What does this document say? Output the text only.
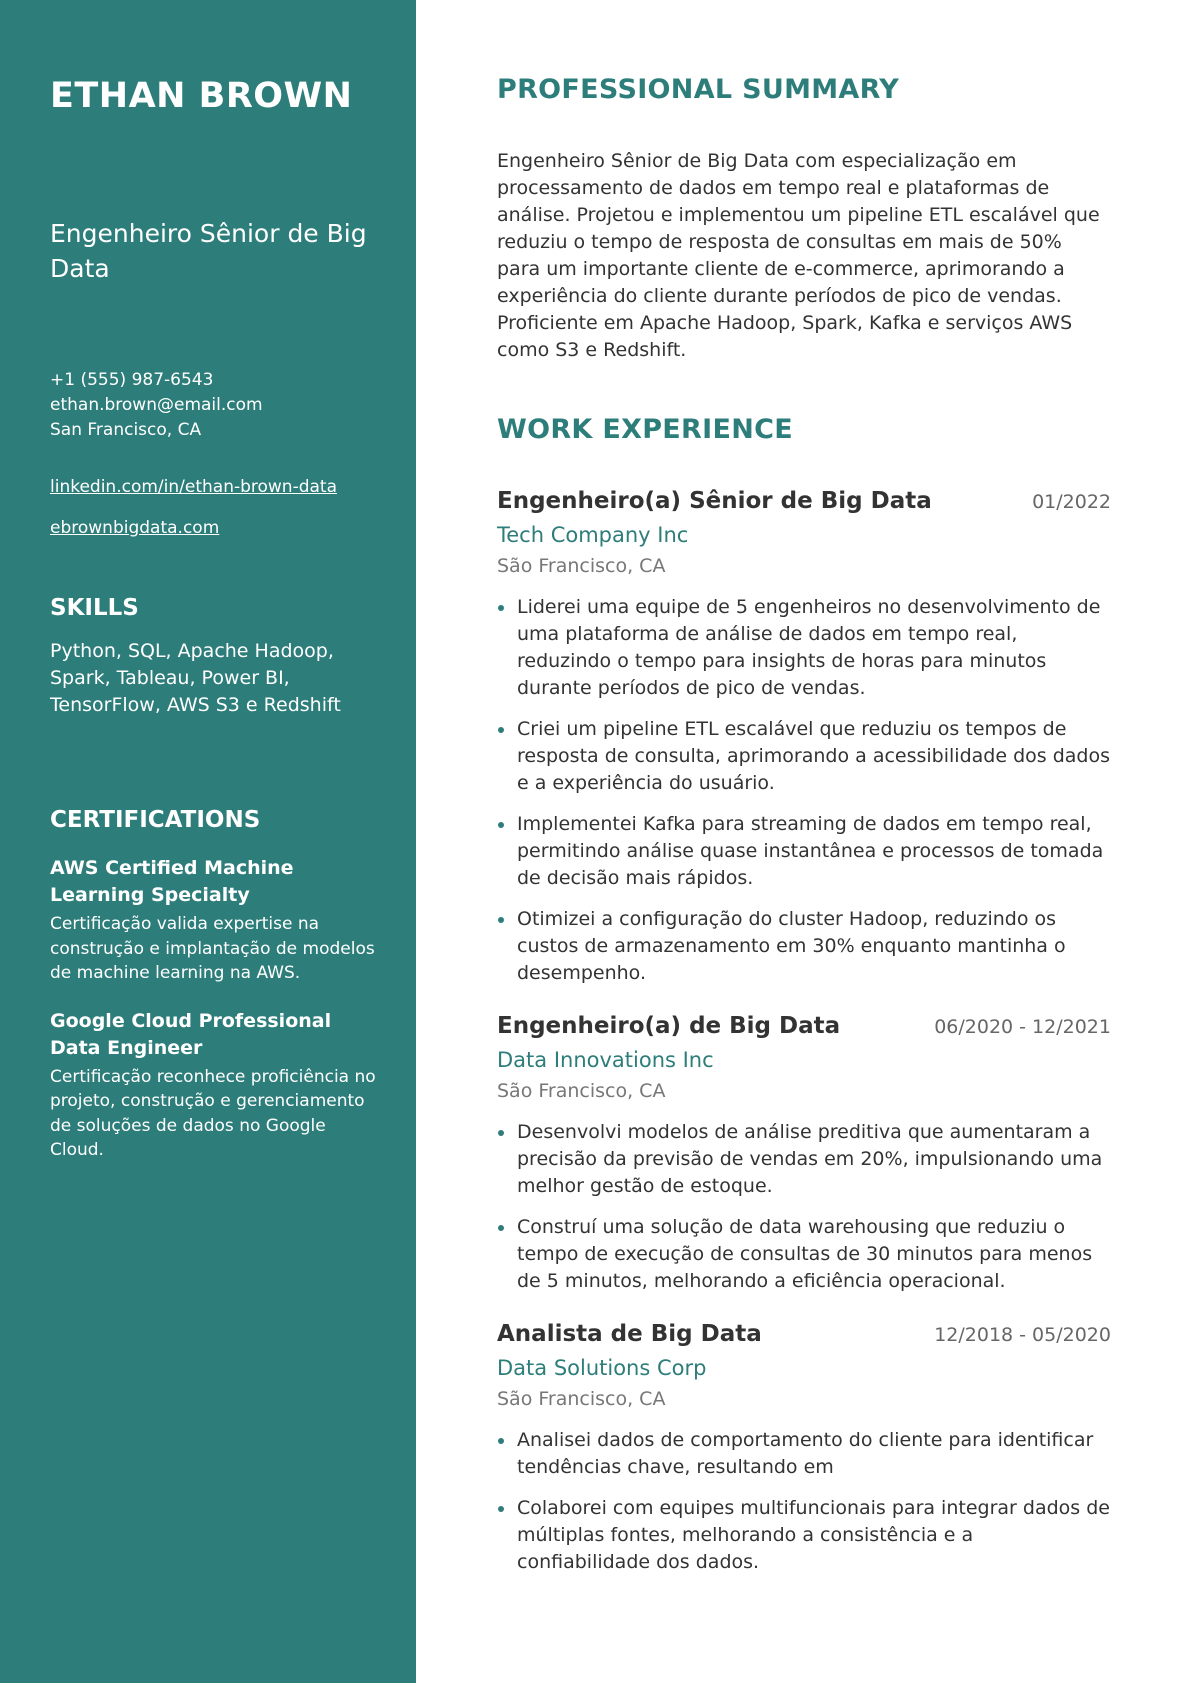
ETHAN BROWN
Engenheiro Sênior de Big Data
+1 (555) 987-6543
ethan.brown@email.com
San Francisco, CA
linkedin.com/in/ethan-brown-data
ebrownbigdata.com
SKILLS
Python, SQL, Apache Hadoop, Spark, Tableau, Power BI, TensorFlow, AWS S3 e Redshift
CERTIFICATIONS
AWS Certified Machine Learning Specialty
Certificação valida expertise na construção e implantação de modelos de machine learning na AWS.
Google Cloud Professional Data Engineer
Certificação reconhece proficiência no projeto, construção e gerenciamento de soluções de dados no Google Cloud.
PROFESSIONAL SUMMARY

Engenheiro Sênior de Big Data com especialização em processamento de dados em tempo real e plataformas de análise. Projetou e implementou um pipeline ETL escalável que reduziu o tempo de resposta de consultas em mais de 50% para um importante cliente de e-commerce, aprimorando a experiência do cliente durante períodos de pico de vendas. Proficiente em Apache Hadoop, Spark, Kafka e serviços AWS como S3 e Redshift.

WORK EXPERIENCE
Engenheiro(a) Sênior de Big Data	01/2022
Tech Company Inc
São Francisco, CA
Liderei uma equipe de 5 engenheiros no desenvolvimento de uma plataforma de análise de dados em tempo real, reduzindo o tempo para insights de horas para minutos durante períodos de pico de vendas.
Criei um pipeline ETL escalável que reduziu os tempos de resposta de consulta, aprimorando a acessibilidade dos dados e a experiência do usuário.
Implementei Kafka para streaming de dados em tempo real, permitindo análise quase instantânea e processos de tomada de decisão mais rápidos.
Otimizei a configuração do cluster Hadoop, reduzindo os custos de armazenamento em 30% enquanto mantinha o desempenho.
Engenheiro(a) de Big Data	06/2020 - 12/2021
Data Innovations Inc
São Francisco, CA
Desenvolvi modelos de análise preditiva que aumentaram a precisão da previsão de vendas em 20%, impulsionando uma melhor gestão de estoque.
Construí uma solução de data warehousing que reduziu o tempo de execução de consultas de 30 minutos para menos de 5 minutos, melhorando a eficiência operacional.
Analista de Big Data	12/2018 - 05/2020
Data Solutions Corp
São Francisco, CA
Analisei dados de comportamento do cliente para identificar tendências chave, resultando em
Colaborei com equipes multifuncionais para integrar dados de múltiplas fontes, melhorando a consistência e a confiabilidade dos dados.
